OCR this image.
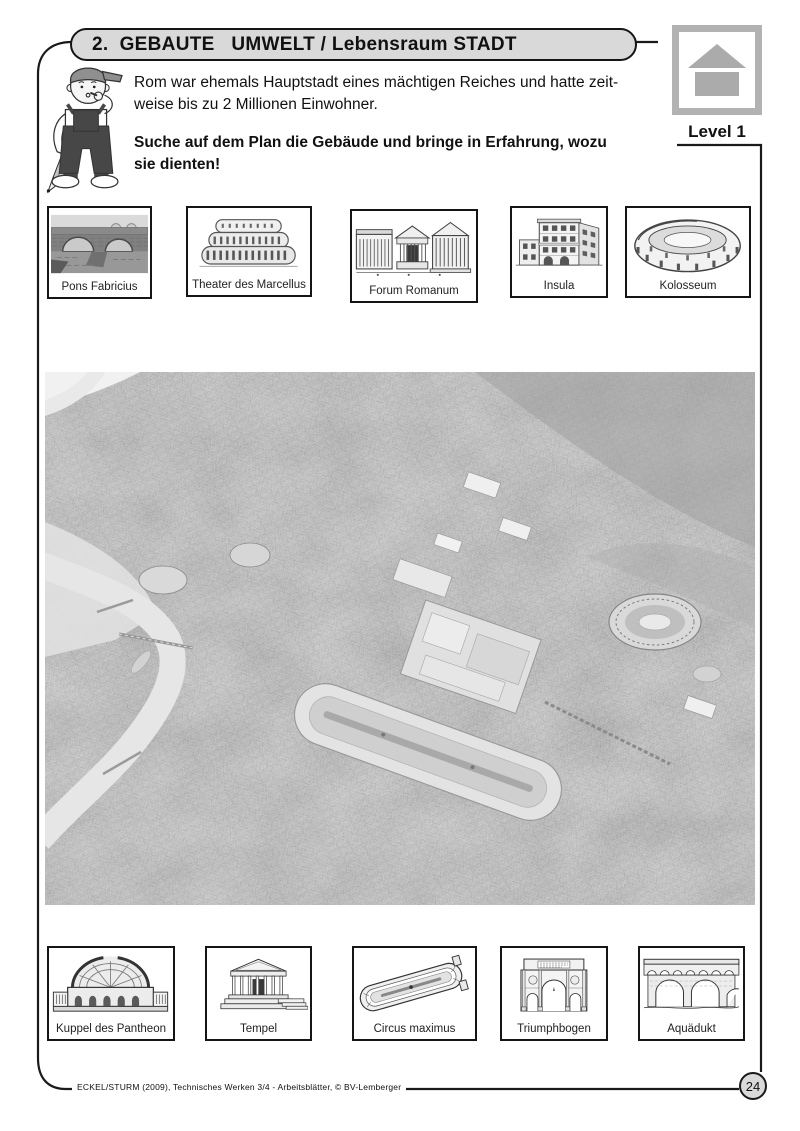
2.  GEBAUTE   UMWELT / Lebensraum STADT
Level 1
Rom war ehemals Hauptstadt eines mächtigen Reiches und hatte zeit-
weise bis zu 2 Millionen Einwohner.
Suche auf dem Plan die Gebäude und bringe in Erfahrung, wozu
sie dienten!
Pons Fabricius	Theater des Marcellus	Forum Romanum	Insula	Kolosseum
Kuppel des Pantheon	Tempel	Circus maximus	Triumphbogen	Aquädukt
ECKEL/STURM (2009), Technisches Werken 3/4 - Arbeitsblätter, © BV-Lemberger	24
